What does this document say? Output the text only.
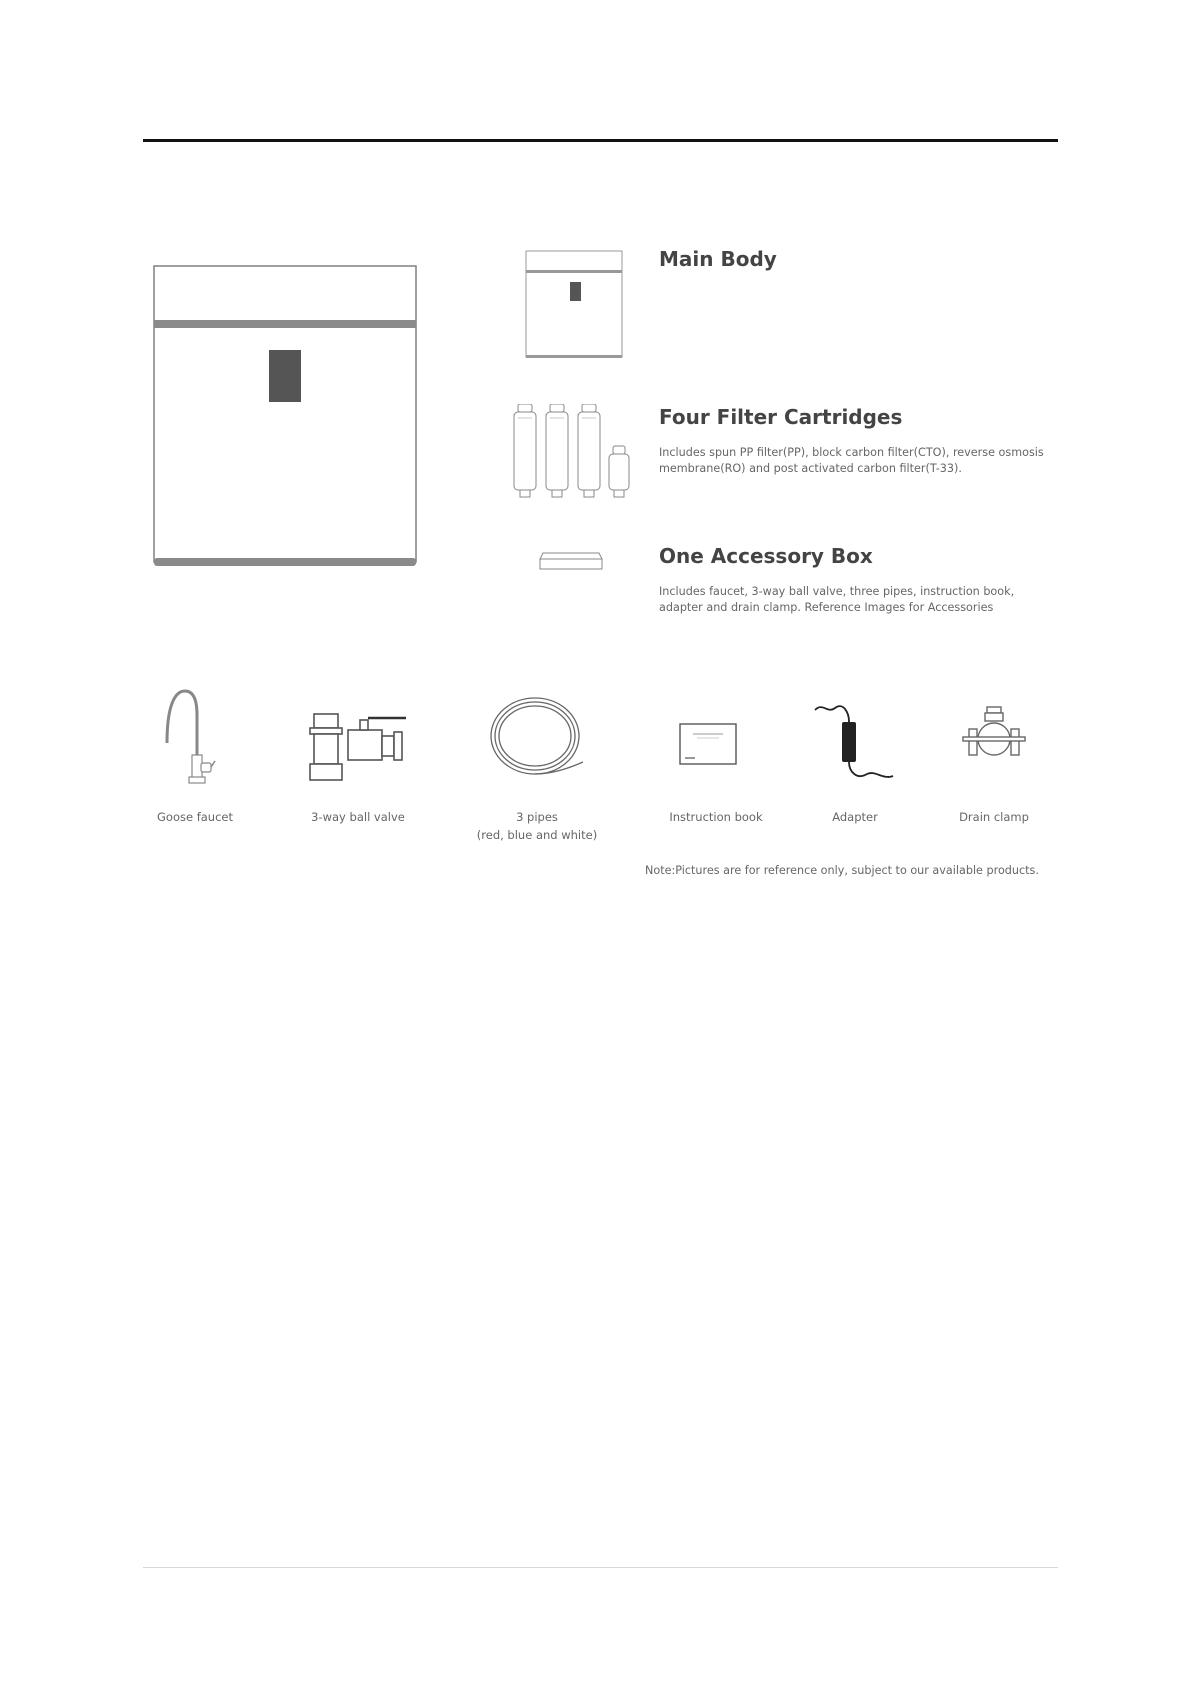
Main Body
Four Filter Cartridges

Includes spun PP filter(PP), block carbon filter(CTO), reverse osmosis membrane(RO) and post activated carbon filter(T-33).

One Accessory Box

Includes faucet, 3-way ball valve, three pipes, instruction book, adapter and drain clamp. Reference Images for Accessories

Goose faucet	3-way ball valve	3 pipes
(red, blue and white)
Instruction book	Adapter	Drain clamp
Note:Pictures are for reference only, subject to our available products.
